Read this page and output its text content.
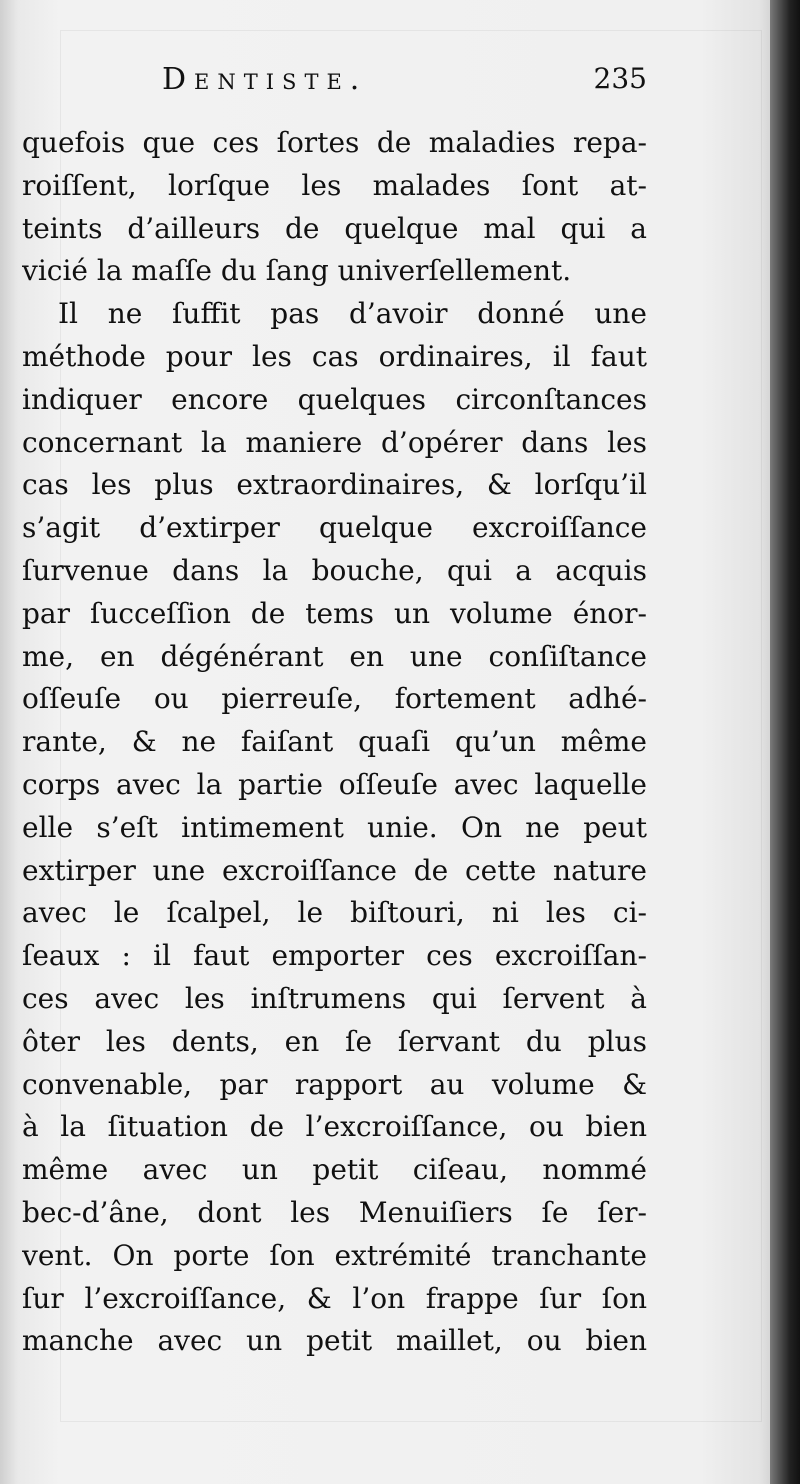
Dentiste.	235
quefois que ces ſortes de maladies repa-
roiſſent, lorſque les malades ſont at-
teints d’ailleurs de quelque mal qui a
vicié la maſſe du ſang univerſellement.
Il ne ſuffit pas d’avoir donné une
méthode pour les cas ordinaires, il faut
indiquer encore quelques circonſtances
concernant la maniere d’opérer dans les
cas les plus extraordinaires, & lorſqu’il
s’agit d’extirper quelque excroiſſance
ſurvenue dans la bouche, qui a acquis
par ſucceſſion de tems un volume énor-
me, en dégénérant en une conſiſtance
oſſeuſe ou pierreuſe, fortement adhé-
rante, & ne faiſant quaſi qu’un même
corps avec la partie oſſeuſe avec laquelle
elle s’eſt intimement unie. On ne peut
extirper une excroiſſance de cette nature
avec le ſcalpel, le biſtouri, ni les ci-
ſeaux : il faut emporter ces excroiſſan-
ces avec les inſtrumens qui ſervent à
ôter les dents, en ſe ſervant du plus
convenable, par rapport au volume &
à la ſituation de l’excroiſſance, ou bien
même avec un petit ciſeau, nommé
bec-d’âne, dont les Menuiſiers ſe ſer-
vent. On porte ſon extrémité tranchante
ſur l’excroiſſance, & l’on frappe ſur ſon
manche avec un petit maillet, ou bien
